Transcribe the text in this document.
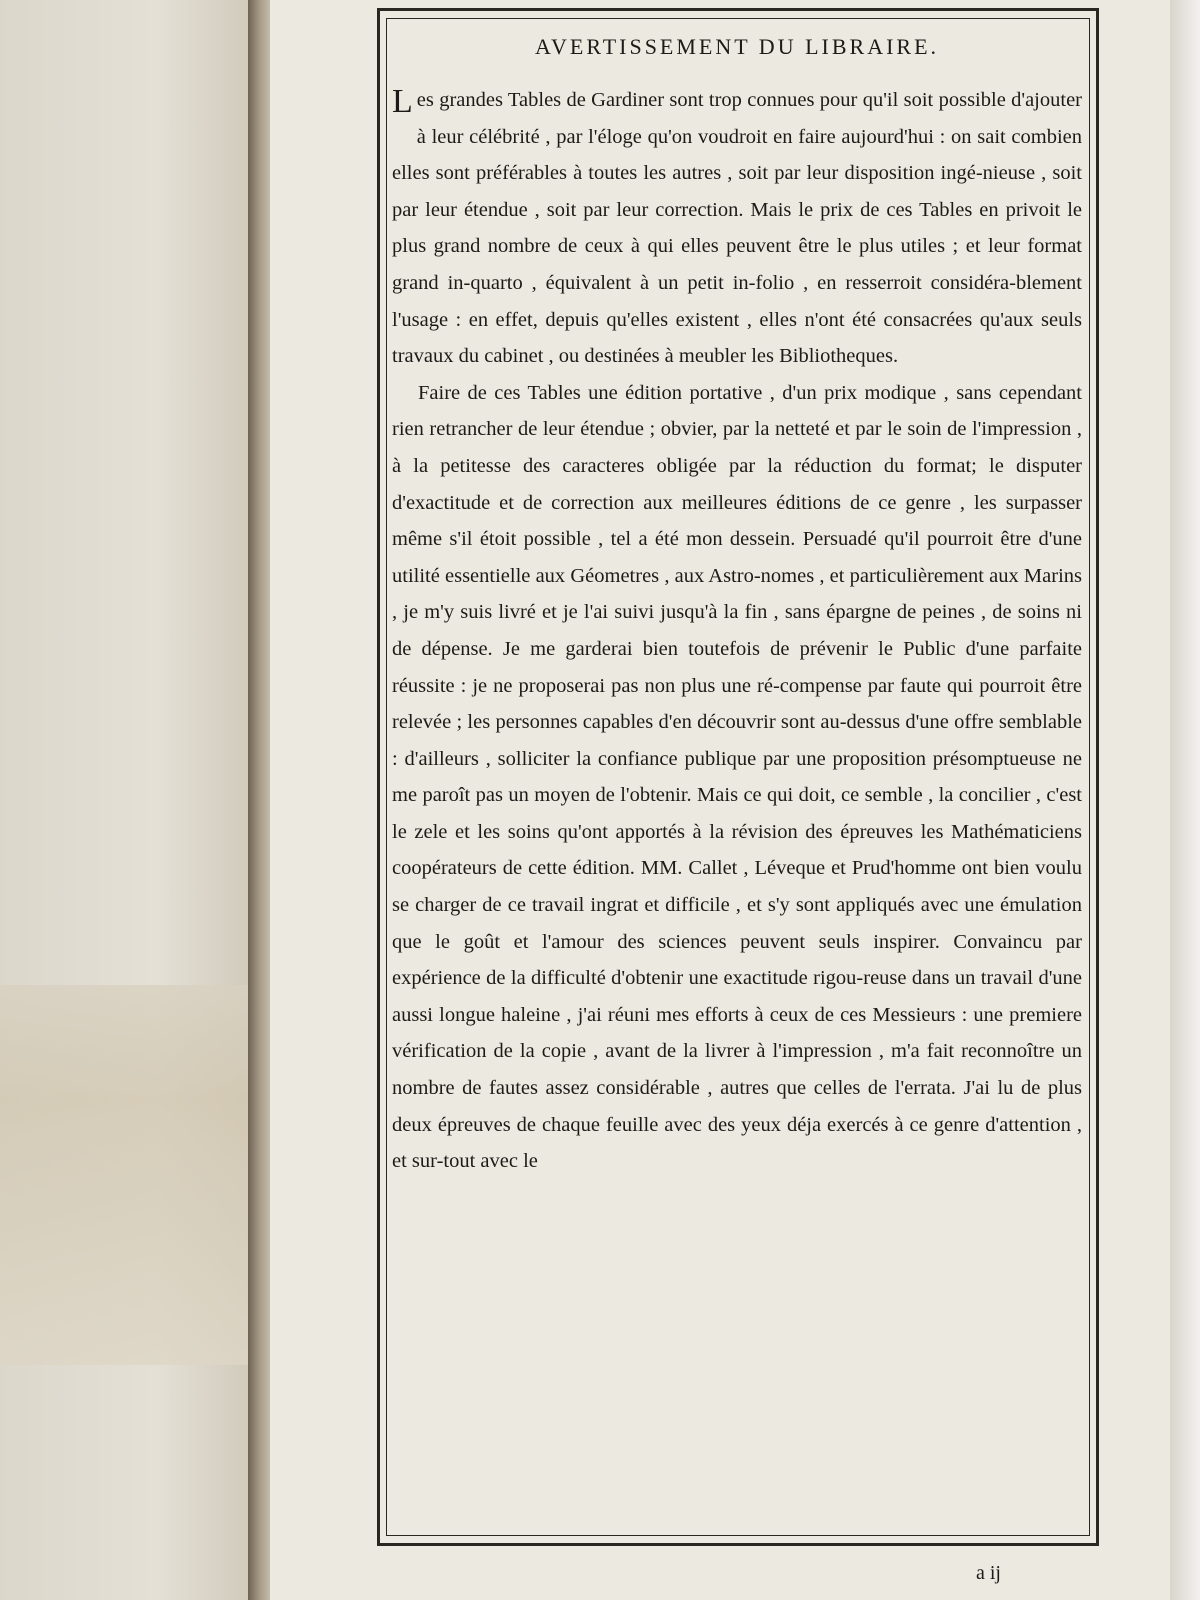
AVERTISSEMENT DU LIBRAIRE.

Les grandes Tables de Gardiner sont trop connues pour qu'il soit possible d'ajouter à leur célébrité , par l'éloge qu'on voudroit en faire aujourd'hui : on sait combien elles sont préférables à toutes les autres , soit par leur disposition ingé-nieuse , soit par leur étendue , soit par leur correction. Mais le prix de ces Tables en privoit le plus grand nombre de ceux à qui elles peuvent être le plus utiles ; et leur format grand in-quarto , équivalent à un petit in-folio , en resserroit considéra-blement l'usage : en effet, depuis qu'elles existent , elles n'ont été consacrées qu'aux seuls travaux du cabinet , ou destinées à meubler les Bibliotheques.

Faire de ces Tables une édition portative , d'un prix modique , sans cependant rien retrancher de leur étendue ; obvier, par la netteté et par le soin de l'impression , à la petitesse des caracteres obligée par la réduction du format; le disputer d'exactitude et de correction aux meilleures éditions de ce genre , les surpasser même s'il étoit possible , tel a été mon dessein. Persuadé qu'il pourroit être d'une utilité essentielle aux Géometres , aux Astro-nomes , et particulièrement aux Marins , je m'y suis livré et je l'ai suivi jusqu'à la fin , sans épargne de peines , de soins ni de dépense. Je me garderai bien toutefois de prévenir le Public d'une parfaite réussite : je ne proposerai pas non plus une ré-compense par faute qui pourroit être relevée ; les personnes capables d'en découvrir sont au-dessus d'une offre semblable : d'ailleurs , solliciter la confiance publique par une proposition présomptueuse ne me paroît pas un moyen de l'obtenir. Mais ce qui doit, ce semble , la concilier , c'est le zele et les soins qu'ont apportés à la révision des épreuves les Mathématiciens coopérateurs de cette édition. MM. Callet , Léveque et Prud'homme ont bien voulu se charger de ce travail ingrat et difficile , et s'y sont appliqués avec une émulation que le goût et l'amour des sciences peuvent seuls inspirer. Convaincu par expérience de la difficulté d'obtenir une exactitude rigou-reuse dans un travail d'une aussi longue haleine , j'ai réuni mes efforts à ceux de ces Messieurs : une premiere vérification de la copie , avant de la livrer à l'impression , m'a fait reconnoître un nombre de fautes assez considérable , autres que celles de l'errata. J'ai lu de plus deux épreuves de chaque feuille avec des yeux déja exercés à ce genre d'attention , et sur-tout avec le

a ij
